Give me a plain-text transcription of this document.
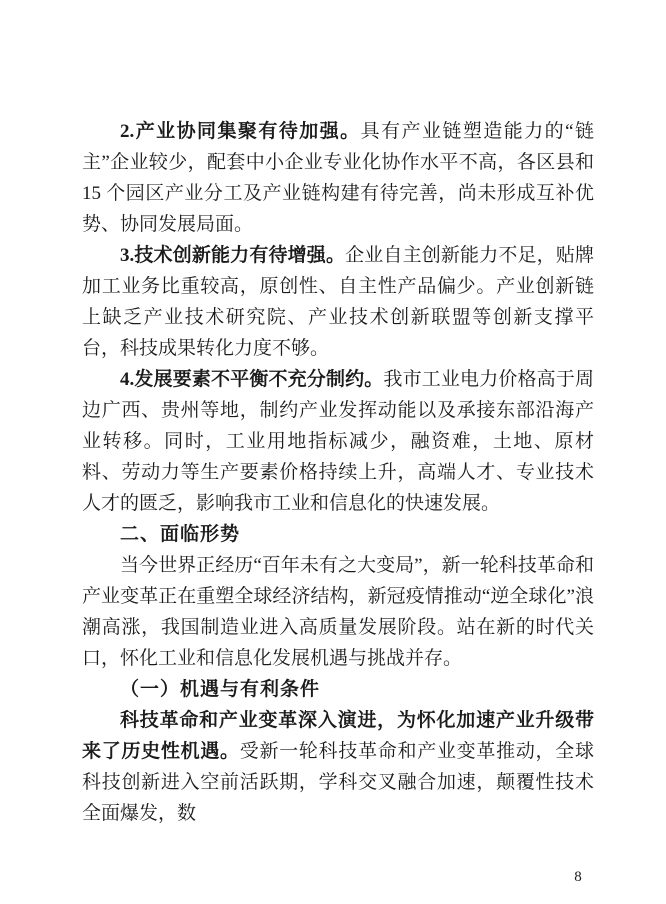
2.产业协同集聚有待加强。具有产业链塑造能力的“链主”企业较少，配套中小企业专业化协作水平不高，各区县和 15 个园区产业分工及产业链构建有待完善，尚未形成互补优势、协同发展局面。

3.技术创新能力有待增强。企业自主创新能力不足，贴牌加工业务比重较高，原创性、自主性产品偏少。产业创新链上缺乏产业技术研究院、产业技术创新联盟等创新支撑平台，科技成果转化力度不够。

4.发展要素不平衡不充分制约。我市工业电力价格高于周边广西、贵州等地，制约产业发挥动能以及承接东部沿海产业转移。同时，工业用地指标减少，融资难，土地、原材料、劳动力等生产要素价格持续上升，高端人才、专业技术人才的匮乏，影响我市工业和信息化的快速发展。

二、面临形势

当今世界正经历“百年未有之大变局”，新一轮科技革命和产业变革正在重塑全球经济结构，新冠疫情推动“逆全球化”浪潮高涨，我国制造业进入高质量发展阶段。站在新的时代关口，怀化工业和信息化发展机遇与挑战并存。

（一）机遇与有利条件

科技革命和产业变革深入演进，为怀化加速产业升级带来了历史性机遇。受新一轮科技革命和产业变革推动，全球科技创新进入空前活跃期，学科交叉融合加速，颠覆性技术全面爆发，数

8
